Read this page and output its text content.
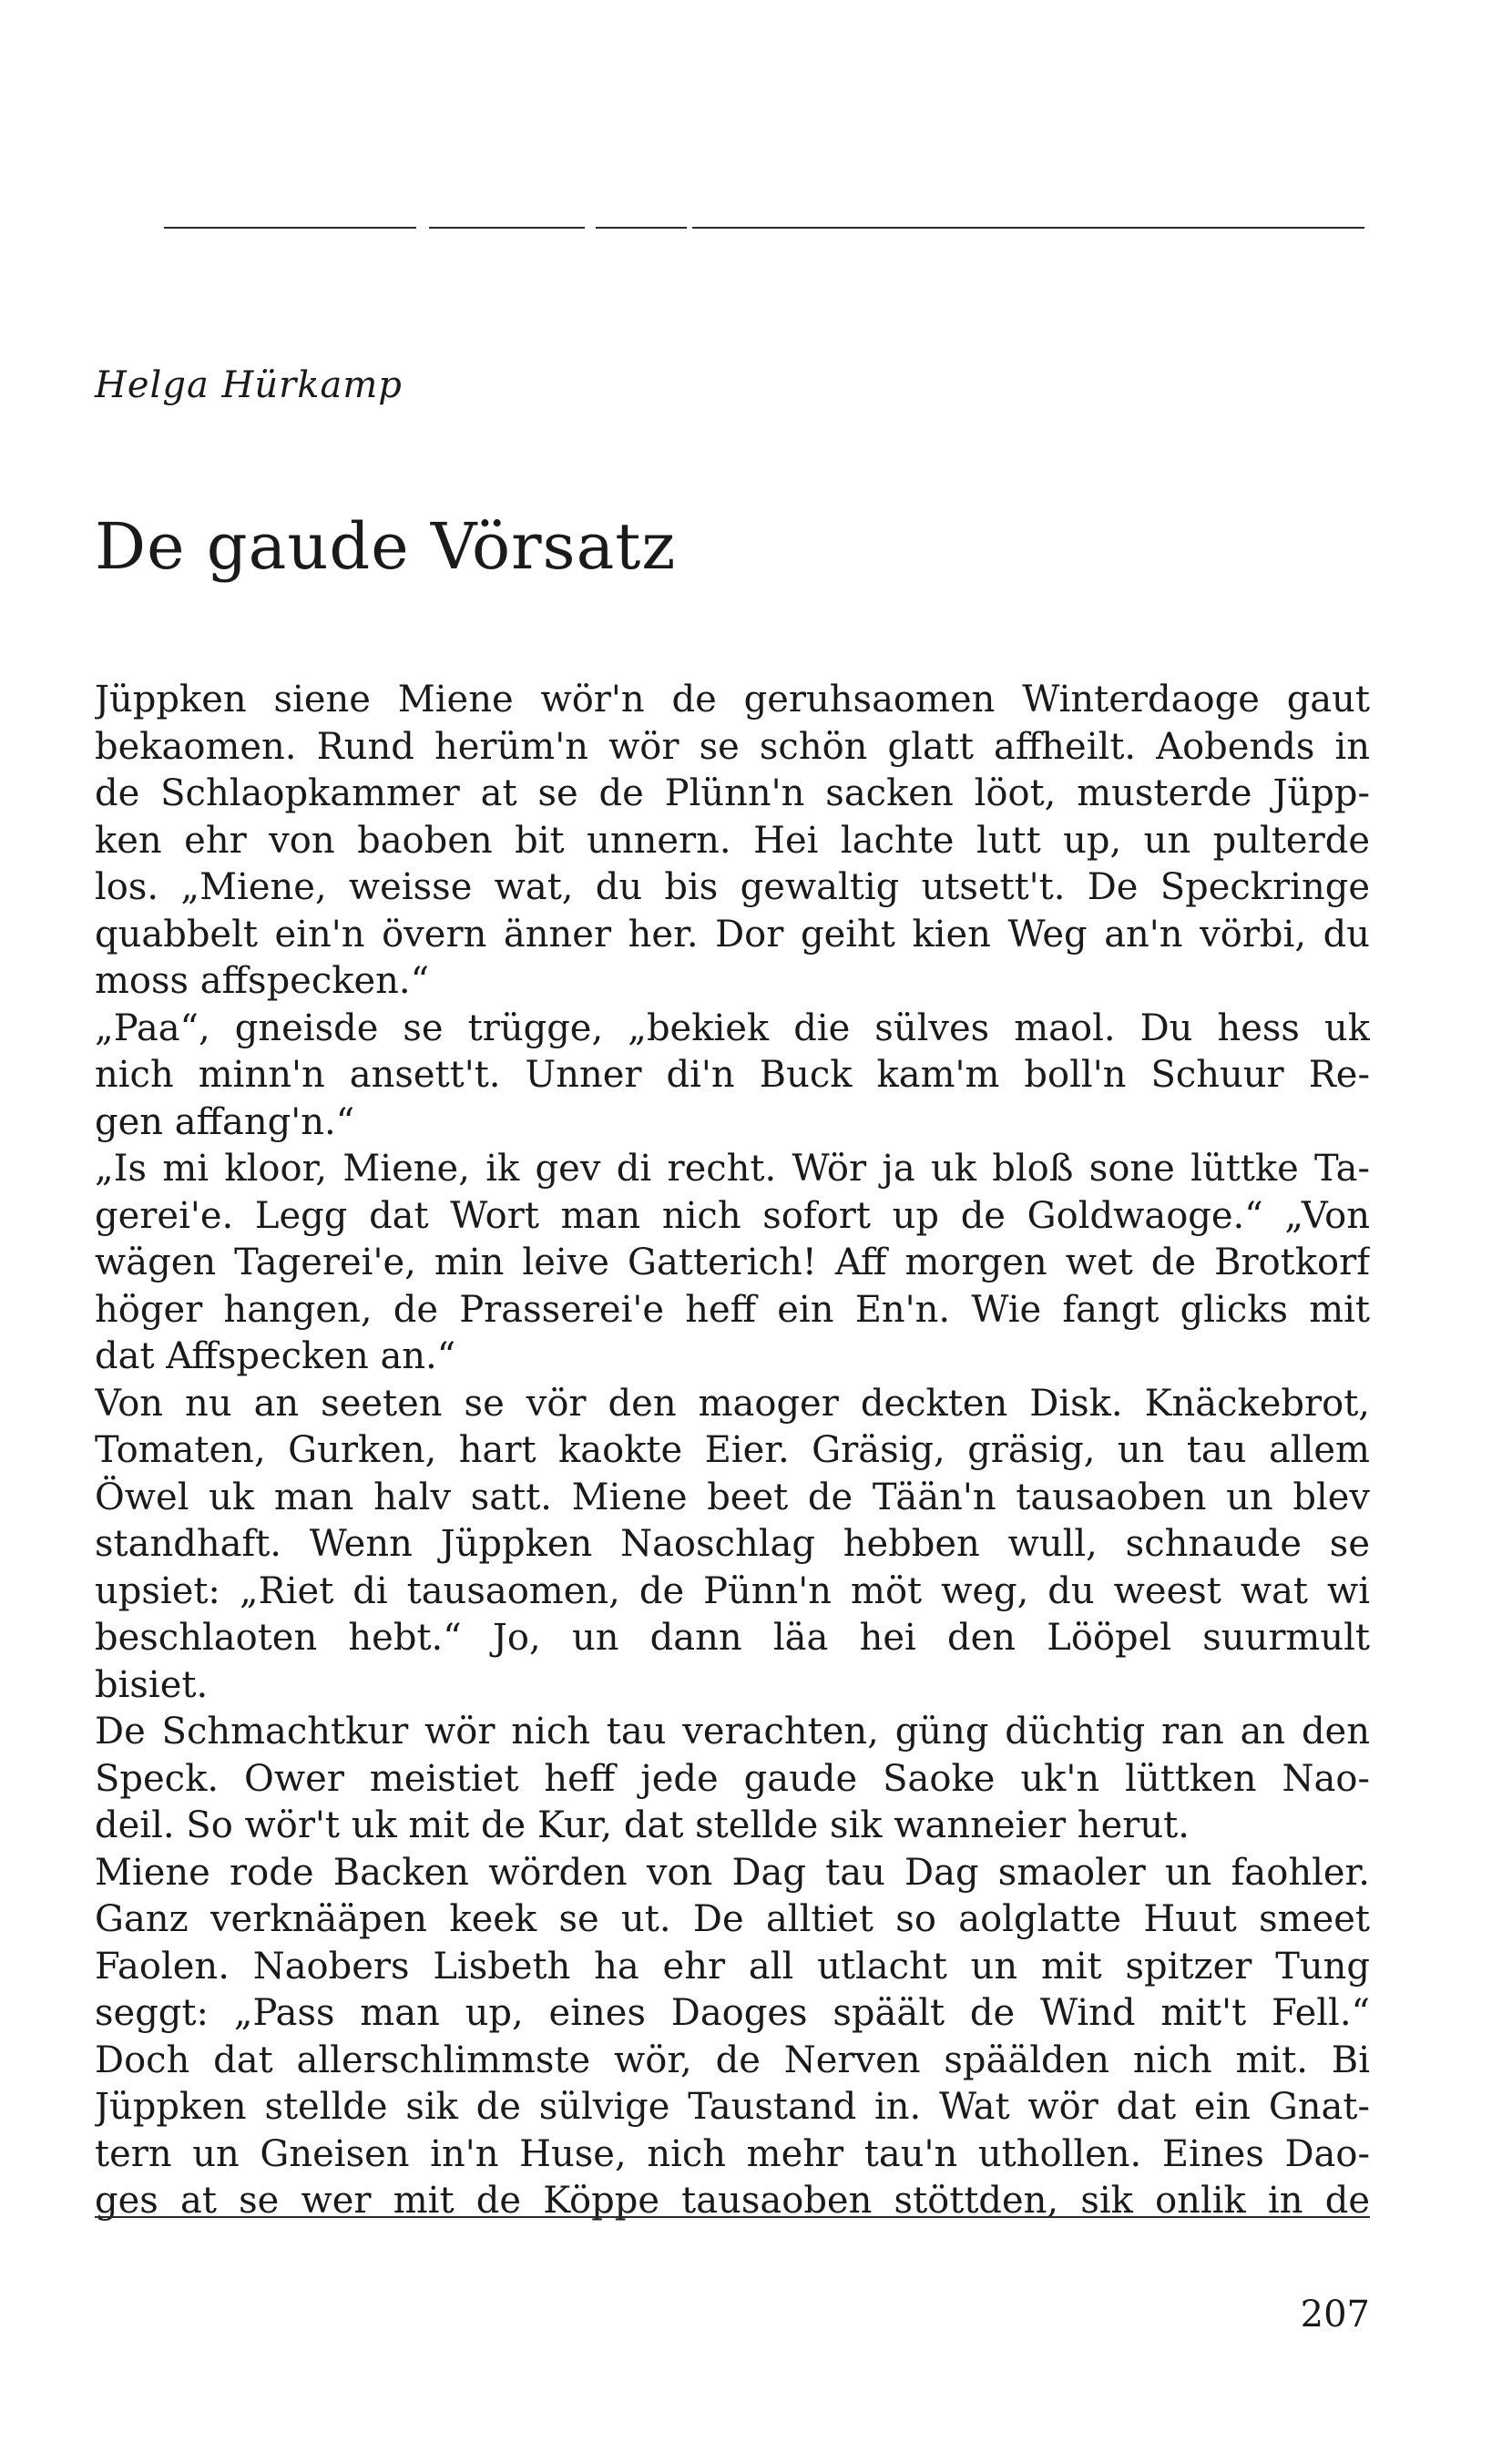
Helga Hürkamp
De gaude Vörsatz
Jüppken siene Miene wör'n de geruhsaomen Winterdaoge gaut
bekaomen. Rund herüm'n wör se schön glatt affheilt. Aobends in
de Schlaopkammer at se de Plünn'n sacken löot, musterde Jüpp-
ken ehr von baoben bit unnern. Hei lachte lutt up, un pulterde
los. „Miene, weisse wat, du bis gewaltig utsett't. De Speckringe
quabbelt ein'n övern änner her. Dor geiht kien Weg an'n vörbi, du
moss affspecken.“
„Paa“, gneisde se trügge, „bekiek die sülves maol. Du hess uk
nich minn'n ansett't. Unner di'n Buck kam'm boll'n Schuur Re-
gen affang'n.“
„Is mi kloor, Miene, ik gev di recht. Wör ja uk bloß sone lüttke Ta-
gerei'e. Legg dat Wort man nich sofort up de Goldwaoge.“ „Von
wägen Tagerei'e, min leive Gatterich! Aff morgen wet de Brotkorf
höger hangen, de Prasserei'e heff ein En'n. Wie fangt glicks mit
dat Affspecken an.“
Von nu an seeten se vör den maoger deckten Disk. Knäckebrot,
Tomaten, Gurken, hart kaokte Eier. Gräsig, gräsig, un tau allem
Öwel uk man halv satt. Miene beet de Tään'n tausaoben un blev
standhaft. Wenn Jüppken Naoschlag hebben wull, schnaude se
upsiet: „Riet di tausaomen, de Pünn'n möt weg, du weest wat wi
beschlaoten hebt.“ Jo, un dann läa hei den Lööpel suurmult
bisiet.
De Schmachtkur wör nich tau verachten, güng düchtig ran an den
Speck. Ower meistiet heff jede gaude Saoke uk'n lüttken Nao-
deil. So wör't uk mit de Kur, dat stellde sik wanneier herut.
Miene rode Backen wörden von Dag tau Dag smaoler un faohler.
Ganz verknääpen keek se ut. De alltiet so aolglatte Huut smeet
Faolen. Naobers Lisbeth ha ehr all utlacht un mit spitzer Tung
seggt: „Pass man up, eines Daoges späält de Wind mit't Fell.“
Doch dat allerschlimmste wör, de Nerven späälden nich mit. Bi
Jüppken stellde sik de sülvige Taustand in. Wat wör dat ein Gnat-
tern un Gneisen in'n Huse, nich mehr tau'n uthollen. Eines Dao-
ges at se wer mit de Köppe tausaoben stöttden, sik onlik in de
207
